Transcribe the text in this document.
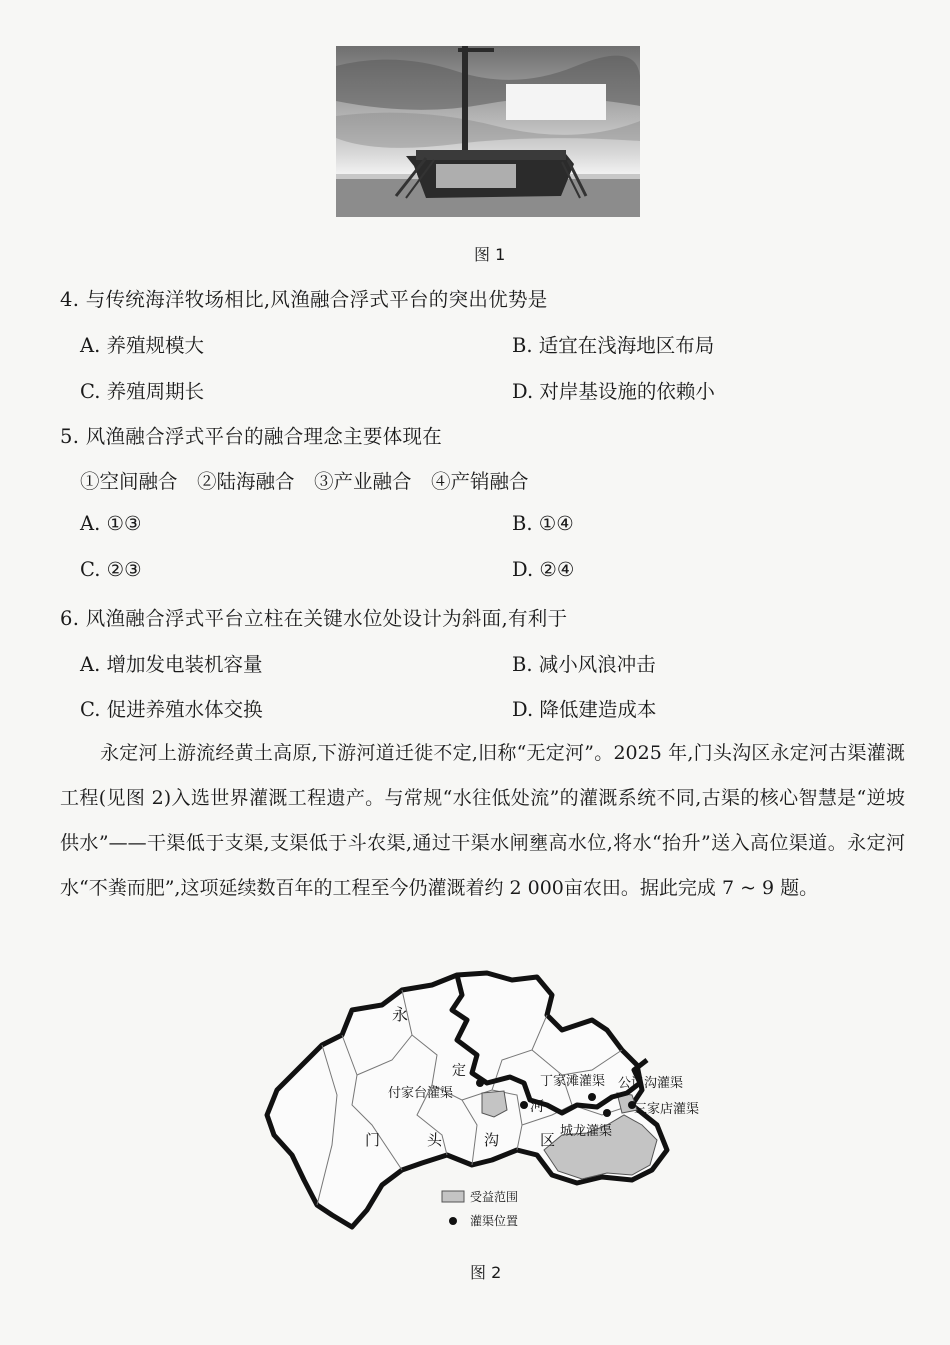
图 1
4. 与传统海洋牧场相比,风渔融合浮式平台的突出优势是
A. 养殖规模大	B. 适宜在浅海地区布局
C. 养殖周期长	D. 对岸基设施的依赖小
5. 风渔融合浮式平台的融合理念主要体现在
①空间融合　②陆海融合　③产业融合　④产销融合
A. ①③	B. ①④
C. ②③	D. ②④
6. 风渔融合浮式平台立柱在关键水位处设计为斜面,有利于
A. 增加发电装机容量	B. 减小风浪冲击
C. 促进养殖水体交换	D. 降低建造成本

永定河上游流经黄土高原,下游河道迁徙不定,旧称“无定河”。2025 年,门头沟区永定河古渠灌溉工程(见图 2)入选世界灌溉工程遗产。与常规“水往低处流”的灌溉系统不同,古渠的核心智慧是“逆坡供水”——干渠低于支渠,支渠低于斗农渠,通过干渠水闸壅高水位,将水“抬升”送入高位渠道。永定河水“不粪而肥”,这项延续数百年的工程至今仍灌溉着约 2 000亩农田。据此完成 7 ~ 9 题。

永
定
河
门	头	沟	区
付家台灌渠
丁家滩灌渠 公议沟灌渠
三家店灌渠
城龙灌渠
受益范围
灌渠位置
图 2
